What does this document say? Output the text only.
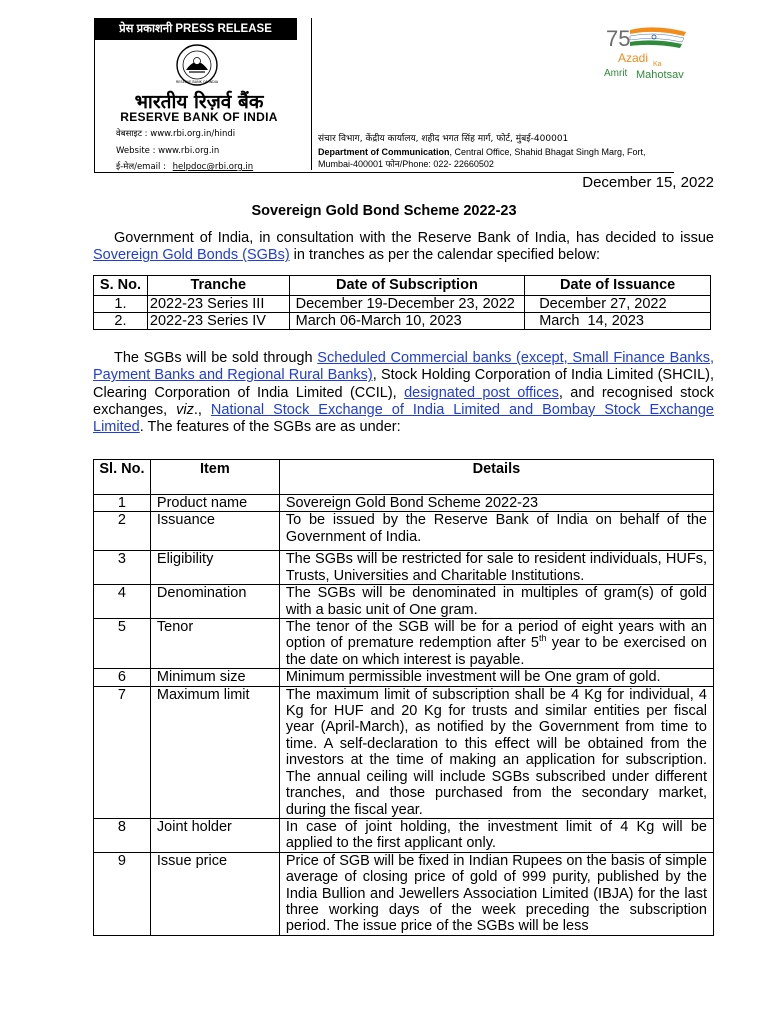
प्रेस प्रकाशनी PRESS RELEASE
RESERVE BANK OF INDIA
भारतीय रिज़र्व बैंक
RESERVE BANK OF INDIA
वेबसाइट : www.rbi.org.in/hindi
Website : www.rbi.org.in
ई-मेल/email : helpdoc@rbi.org.in
संचार विभाग, केंद्रीय कार्यालय, शहीद भगत सिंह मार्ग, फोर्ट, मुंबई-400001
Department of Communication, Central Office, Shahid Bhagat Singh Marg, Fort,
Mumbai-400001 फोन/Phone: 022- 22660502
75
Azadi Ka
Amrit Mahotsav
December 15, 2022
Sovereign Gold Bond Scheme 2022-23
Government of India, in consultation with the Reserve Bank of India, has decided to issue Sovereign Gold Bonds (SGBs) in tranches as per the calendar specified below:
S. No.	Tranche	Date of Subscription	Date of Issuance
1.	2022-23 Series III	December 19-December 23, 2022	December 27, 2022
2.	2022-23 Series IV	March 06-March 10, 2023	March  14, 2023
The SGBs will be sold through Scheduled Commercial banks (except, Small Finance Banks, Payment Banks and Regional Rural Banks), Stock Holding Corporation of India Limited (SHCIL), Clearing Corporation of India Limited (CCIL), designated post offices, and recognised stock exchanges, viz., National Stock Exchange of India Limited and Bombay Stock Exchange Limited. The features of the SGBs are as under:
Sl. No.	Item	Details
1	Product name	Sovereign Gold Bond Scheme 2022-23
2	Issuance	To be issued by the Reserve Bank of India on behalf of the Government of India.
3	Eligibility	The SGBs will be restricted for sale to resident individuals, HUFs, Trusts, Universities and Charitable Institutions.
4	Denomination	The SGBs will be denominated in multiples of gram(s) of gold with a basic unit of One gram.
5	Tenor	The tenor of the SGB will be for a period of eight years with an option of premature redemption after 5th year to be exercised on the date on which interest is payable.
6	Minimum size	Minimum permissible investment will be One gram of gold.
7	Maximum limit	The maximum limit of subscription shall be 4 Kg for individual, 4 Kg for HUF and 20 Kg for trusts and similar entities per fiscal year (April-March), as notified by the Government from time to time. A self-declaration to this effect will be obtained from the investors at the time of making an application for subscription. The annual ceiling will include SGBs subscribed under different tranches, and those purchased from the secondary market, during the fiscal year.
8	Joint holder	In case of joint holding, the investment limit of 4 Kg will be applied to the first applicant only.
9	Issue price	Price of SGB will be fixed in Indian Rupees on the basis of simple average of closing price of gold of 999 purity, published by the India Bullion and Jewellers Association Limited (IBJA) for the last three working days of the week preceding the subscription period. The issue price of the SGBs will be less
